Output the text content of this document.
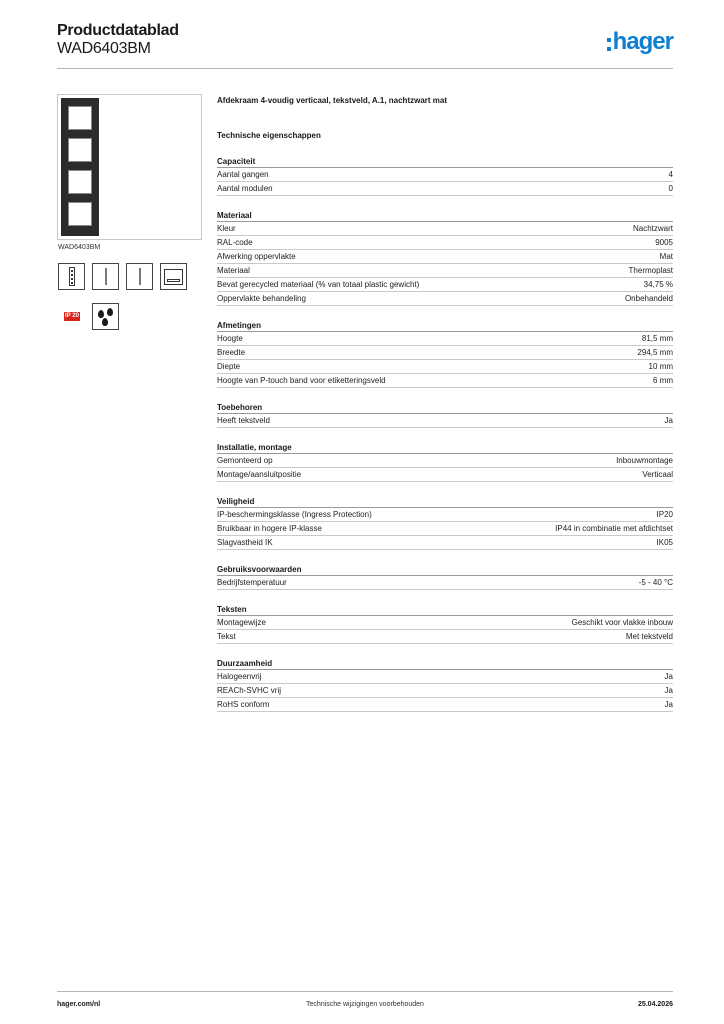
Productdatablad
WAD6403BM	hager
WAD6403BM
IP 20
Afdekraam 4-voudig verticaal, tekstveld, A.1, nachtzwart mat
Technische eigenschappen
Capaciteit
Aantal gangen	4
Aantal modulen	0
Materiaal
Kleur	Nachtzwart
RAL-code	9005
Afwerking oppervlakte	Mat
Materiaal	Thermoplast
Bevat gerecycled materiaal (% van totaal plastic gewicht)	34,75 %
Oppervlakte behandeling	Onbehandeld
Afmetingen
Hoogte	81,5 mm
Breedte	294,5 mm
Diepte	10 mm
Hoogte van P-touch band voor etiketteringsveld	6 mm
Toebehoren
Heeft tekstveld	Ja
Installatie, montage
Gemonteerd op	Inbouwmontage
Montage/aansluitpositie	Verticaal
Veiligheid
IP-beschermingsklasse (Ingress Protection)	IP20
Bruikbaar in hogere IP-klasse	IP44 in combinatie met afdichtset
Slagvastheid IK	IK05
Gebruiksvoorwaarden
Bedrijfstemperatuur	-5 - 40 °C
Teksten
Montagewijze	Geschikt voor vlakke inbouw
Tekst	Met tekstveld
Duurzaamheid
Halogeenvrij	Ja
REACh-SVHC vrij	Ja
RoHS conform	Ja
hager.com/nl	Technische wijzigingen voorbehouden	25.04.2026
